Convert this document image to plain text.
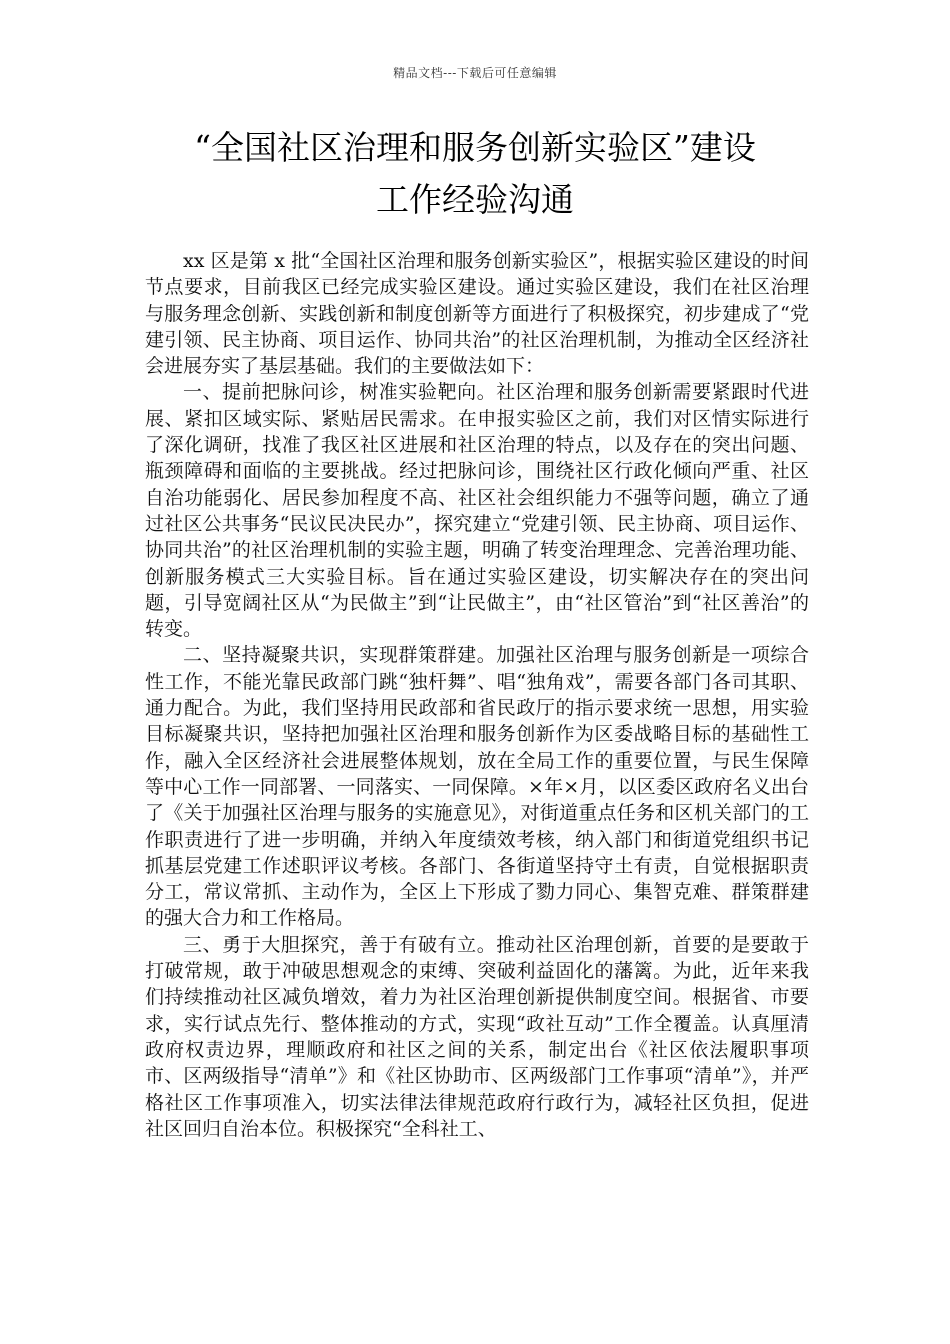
精品文档---下载后可任意编辑
“全国社区治理和服务创新实验区”建设
工作经验沟通

xx 区是第 x 批“全国社区治理和服务创新实验区”，根据实验区建设的时间节点要求，目前我区已经完成实验区建设。通过实验区建设，我们在社区治理与服务理念创新、实践创新和制度创新等方面进行了积极探究，初步建成了“党建引领、民主协商、项目运作、协同共治”的社区治理机制，为推动全区经济社会进展夯实了基层基础。我们的主要做法如下：

一、提前把脉问诊，树准实验靶向。社区治理和服务创新需要紧跟时代进展、紧扣区域实际、紧贴居民需求。在申报实验区之前，我们对区情实际进行了深化调研，找准了我区社区进展和社区治理的特点，以及存在的突出问题、瓶颈障碍和面临的主要挑战。经过把脉问诊，围绕社区行政化倾向严重、社区自治功能弱化、居民参加程度不高、社区社会组织能力不强等问题，确立了通过社区公共事务“民议民决民办”，探究建立“党建引领、民主协商、项目运作、协同共治”的社区治理机制的实验主题，明确了转变治理理念、完善治理功能、创新服务模式三大实验目标。旨在通过实验区建设，切实解决存在的突出问题，引导宽阔社区从“为民做主”到“让民做主”，由“社区管治”到“社区善治”的转变。

二、坚持凝聚共识，实现群策群建。加强社区治理与服务创新是一项综合性工作，不能光靠民政部门跳“独杆舞”、唱“独角戏”，需要各部门各司其职、通力配合。为此，我们坚持用民政部和省民政厅的指示要求统一思想，用实验目标凝聚共识，坚持把加强社区治理和服务创新作为区委战略目标的基础性工作，融入全区经济社会进展整体规划，放在全局工作的重要位置，与民生保障等中心工作一同部署、一同落实、一同保障。×年×月，以区委区政府名义出台了《关于加强社区治理与服务的实施意见》，对街道重点任务和区机关部门的工作职责进行了进一步明确，并纳入年度绩效考核，纳入部门和街道党组织书记抓基层党建工作述职评议考核。各部门、各街道坚持守土有责，自觉根据职责分工，常议常抓、主动作为，全区上下形成了勠力同心、集智克难、群策群建的强大合力和工作格局。

三、勇于大胆探究，善于有破有立。推动社区治理创新，首要的是要敢于打破常规，敢于冲破思想观念的束缚、突破利益固化的藩篱。为此，近年来我们持续推动社区减负增效，着力为社区治理创新提供制度空间。根据省、市要求，实行试点先行、整体推动的方式，实现“政社互动”工作全覆盖。认真厘清政府权责边界，理顺政府和社区之间的关系，制定出台《社区依法履职事项市、区两级指导“清单”》和《社区协助市、区两级部门工作事项“清单”》，并严格社区工作事项准入，切实法律法律规范政府行政行为，减轻社区负担，促进社区回归自治本位。积极探究“全科社工、
